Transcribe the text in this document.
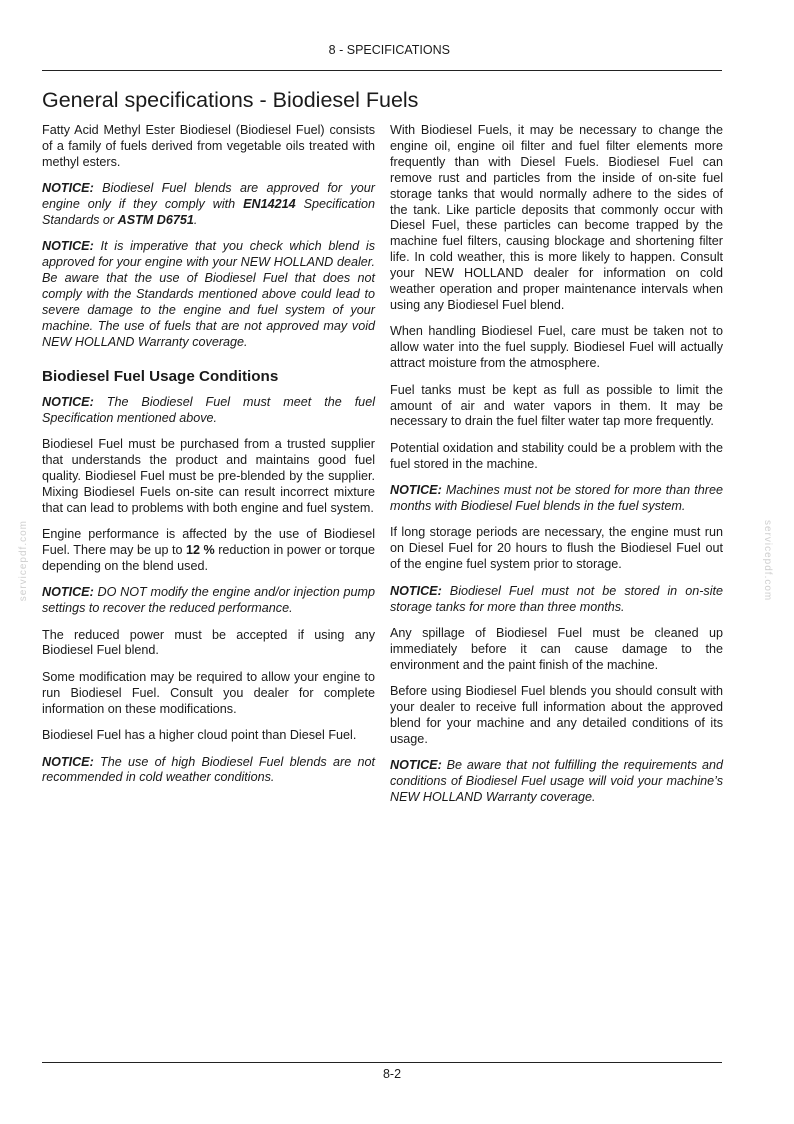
8 - SPECIFICATIONS
General specifications - Biodiesel Fuels

Fatty Acid Methyl Ester Biodiesel (Biodiesel Fuel) consists of a family of fuels derived from vegetable oils treated with methyl esters.

NOTICE: Biodiesel Fuel blends are approved for your engine only if they comply with EN14214 Specification Standards or ASTM D6751.

NOTICE: It is imperative that you check which blend is approved for your engine with your NEW HOLLAND dealer. Be aware that the use of Biodiesel Fuel that does not comply with the Standards mentioned above could lead to severe damage to the engine and fuel system of your machine. The use of fuels that are not approved may void NEW HOLLAND Warranty coverage.

Biodiesel Fuel Usage Conditions

NOTICE: The Biodiesel Fuel must meet the fuel Specification mentioned above.

Biodiesel Fuel must be purchased from a trusted supplier that understands the product and maintains good fuel quality. Biodiesel Fuel must be pre-blended by the supplier. Mixing Biodiesel Fuels on-site can result incorrect mixture that can lead to problems with both engine and fuel system.

Engine performance is affected by the use of Biodiesel Fuel. There may be up to 12 % reduction in power or torque depending on the blend used.

NOTICE: DO NOT modify the engine and/or injection pump settings to recover the reduced performance.

The reduced power must be accepted if using any Biodiesel Fuel blend.

Some modification may be required to allow your engine to run Biodiesel Fuel. Consult you dealer for complete information on these modifications.

Biodiesel Fuel has a higher cloud point than Diesel Fuel.

NOTICE: The use of high Biodiesel Fuel blends are not recommended in cold weather conditions.

With Biodiesel Fuels, it may be necessary to change the engine oil, engine oil filter and fuel filter elements more frequently than with Diesel Fuels. Biodiesel Fuel can remove rust and particles from the inside of on-site fuel storage tanks that would normally adhere to the sides of the tank. Like particle deposits that commonly occur with Diesel Fuel, these particles can become trapped by the machine fuel filters, causing blockage and shortening filter life. In cold weather, this is more likely to happen. Consult your NEW HOLLAND dealer for information on cold weather operation and proper maintenance intervals when using any Biodiesel Fuel blend.

When handling Biodiesel Fuel, care must be taken not to allow water into the fuel supply. Biodiesel Fuel will actually attract moisture from the atmosphere.

Fuel tanks must be kept as full as possible to limit the amount of air and water vapors in them. It may be necessary to drain the fuel filter water tap more frequently.

Potential oxidation and stability could be a problem with the fuel stored in the machine.

NOTICE: Machines must not be stored for more than three months with Biodiesel Fuel blends in the fuel system.

If long storage periods are necessary, the engine must run on Diesel Fuel for 20 hours to flush the Biodiesel Fuel out of the engine fuel system prior to storage.

NOTICE: Biodiesel Fuel must not be stored in on-site storage tanks for more than three months.

Any spillage of Biodiesel Fuel must be cleaned up immediately before it can cause damage to the environment and the paint finish of the machine.

Before using Biodiesel Fuel blends you should consult with your dealer to receive full information about the approved blend for your machine and any detailed conditions of its usage.

NOTICE: Be aware that not fulfilling the requirements and conditions of Biodiesel Fuel usage will void your machine’s NEW HOLLAND Warranty coverage.

servicepdf.com	servicepdf.com
8-2
